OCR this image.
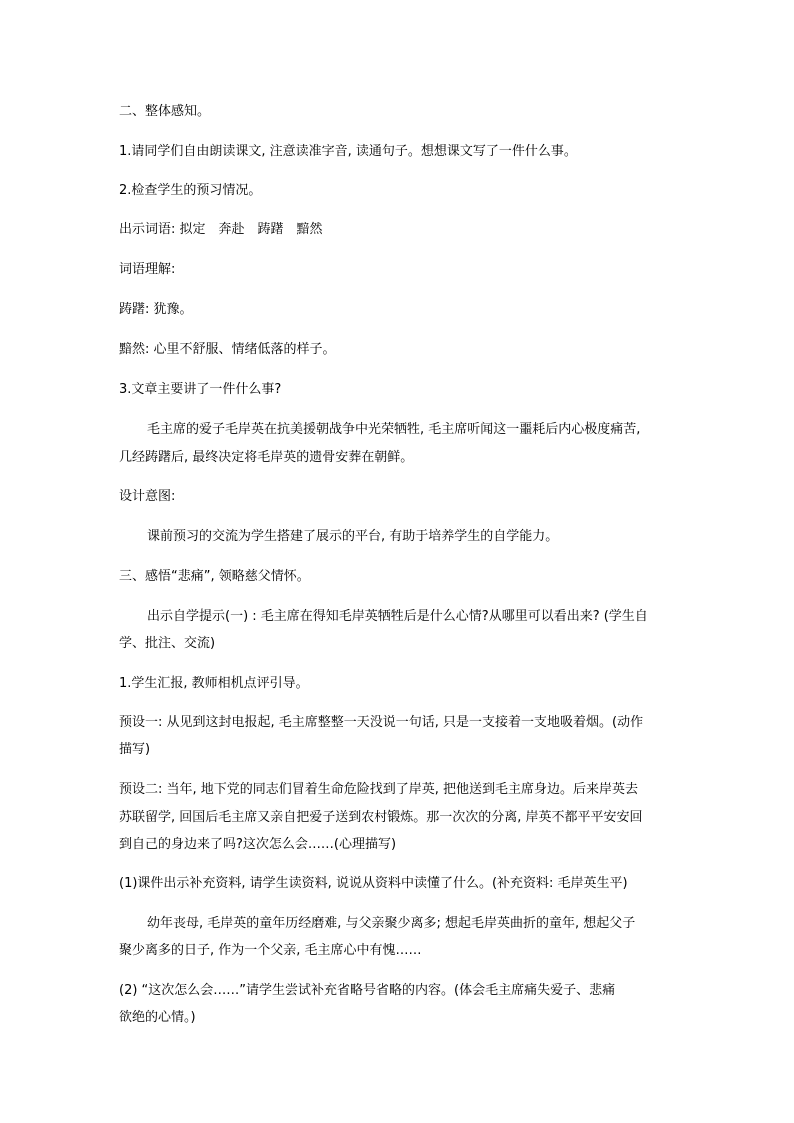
二、整体感知。
1.请同学们自由朗读课文, 注意读准字音, 读通句子。想想课文写了一件什么事。
2.检查学生的预习情况。
出示词语: 拟定　奔赴　踌躇　黯然
词语理解:
踌躇: 犹豫。
黯然: 心里不舒服、情绪低落的样子。
3.文章主要讲了一件什么事?
毛主席的爱子毛岸英在抗美援朝战争中光荣牺牲, 毛主席听闻这一噩耗后内心极度痛苦,
几经踌躇后, 最终决定将毛岸英的遗骨安葬在朝鲜。
设计意图:
课前预习的交流为学生搭建了展示的平台, 有助于培养学生的自学能力。
三、感悟“悲痛”, 领略慈父情怀。
出示自学提示(一) : 毛主席在得知毛岸英牺牲后是什么心情?从哪里可以看出来? (学生自
学、批注、交流)
1.学生汇报, 教师相机点评引导。
预设一: 从见到这封电报起, 毛主席整整一天没说一句话, 只是一支接着一支地吸着烟。(动作
描写)
预设二: 当年, 地下党的同志们冒着生命危险找到了岸英, 把他送到毛主席身边。后来岸英去
苏联留学, 回国后毛主席又亲自把爱子送到农村锻炼。那一次次的分离, 岸英不都平平安安回
到自己的身边来了吗?这次怎么会……(心理描写)
(1)课件出示补充资料, 请学生读资料, 说说从资料中读懂了什么。(补充资料: 毛岸英生平)
幼年丧母, 毛岸英的童年历经磨难, 与父亲聚少离多; 想起毛岸英曲折的童年, 想起父子
聚少离多的日子, 作为一个父亲, 毛主席心中有愧……
(2) “这次怎么会……”请学生尝试补充省略号省略的内容。(体会毛主席痛失爱子、悲痛
欲绝的心情。)
